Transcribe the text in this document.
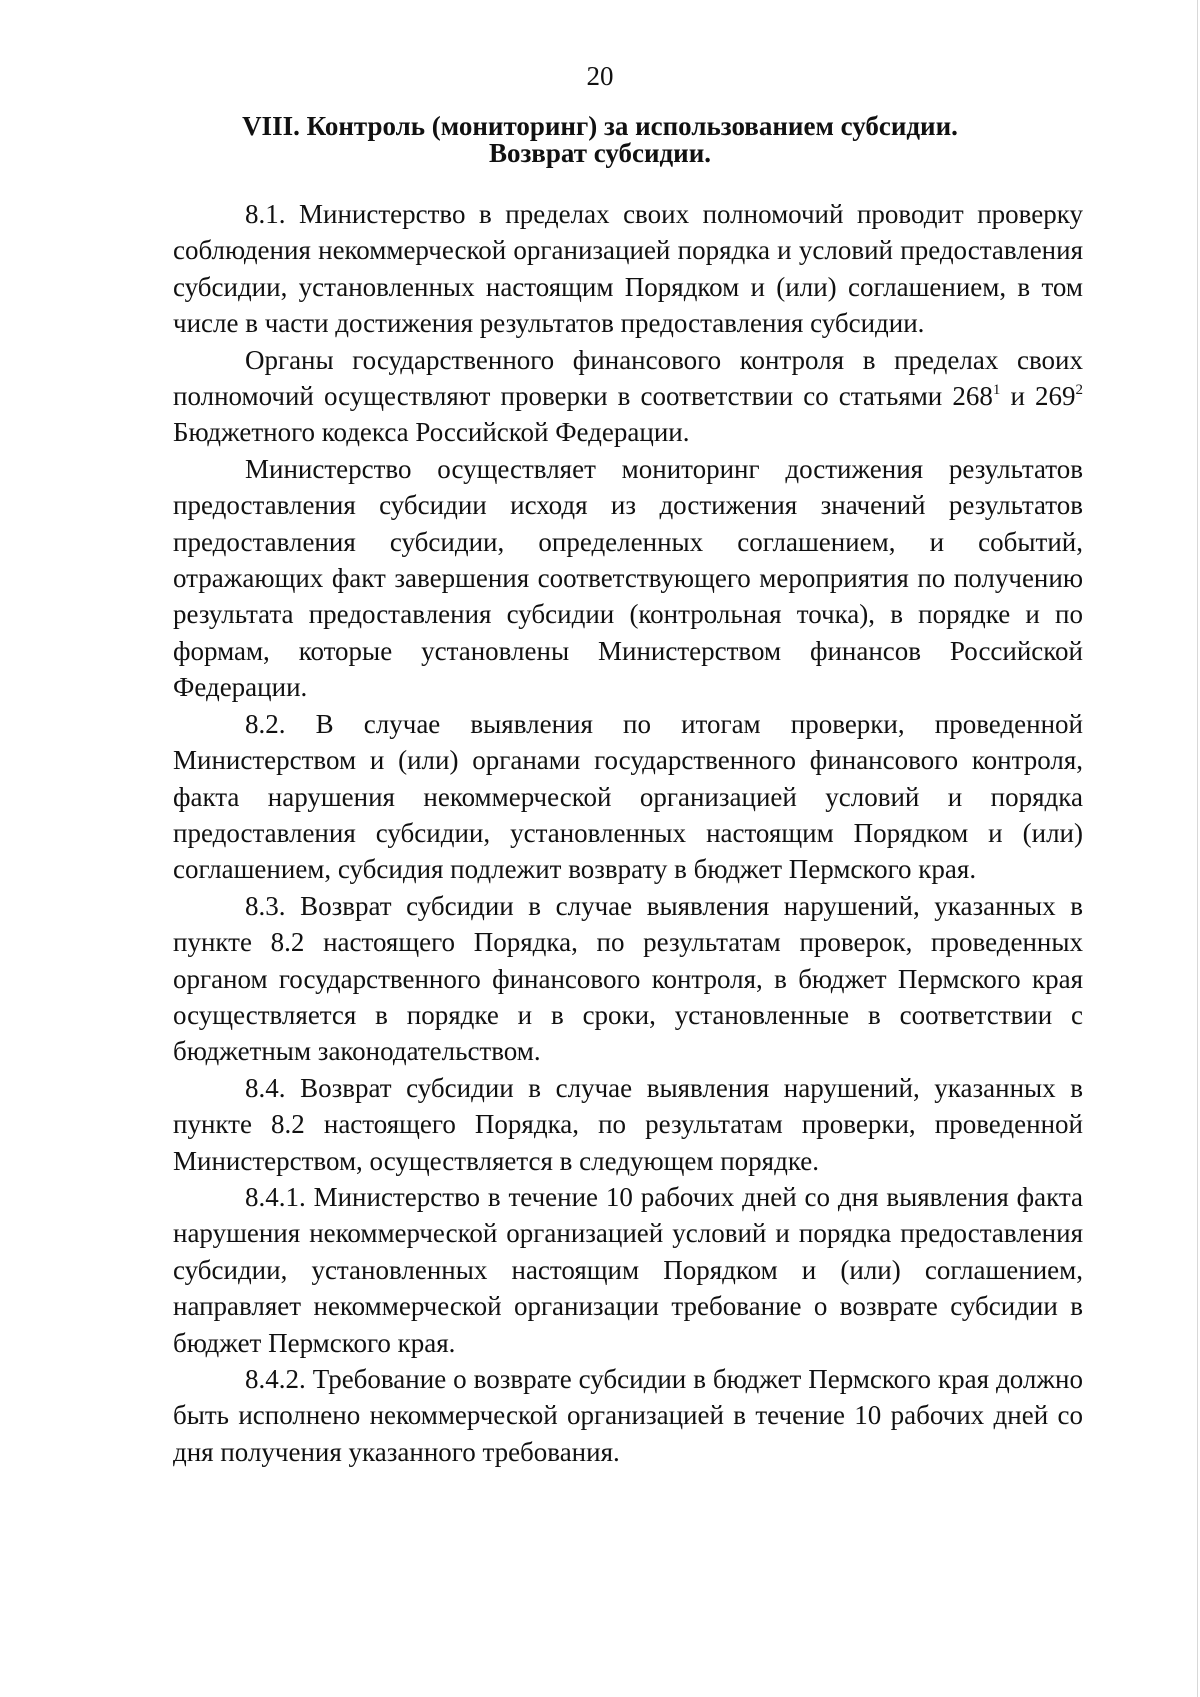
20
VIII. Контроль (мониторинг) за использованием субсидии.
Возврат субсидии.

8.1. Министерство в пределах своих полномочий проводит проверку соблюдения некоммерческой организацией порядка и условий предоставления субсидии, установленных настоящим Порядком и (или) соглашением, в том числе в части достижения результатов предоставления субсидии.

Органы государственного финансового контроля в пределах своих полномочий осуществляют проверки в соответствии со статьями $268^1$ и $269^2$ Бюджетного кодекса Российской Федерации.

Министерство осуществляет мониторинг достижения результатов предоставления субсидии исходя из достижения значений результатов предоставления субсидии, определенных соглашением, и событий, отражающих факт завершения соответствующего мероприятия по получению результата предоставления субсидии (контрольная точка), в порядке и по формам, которые установлены Министерством финансов Российской Федерации.

8.2. В случае выявления по итогам проверки, проведенной Министерством и (или) органами государственного финансового контроля, факта нарушения некоммерческой организацией условий и порядка предоставления субсидии, установленных настоящим Порядком и (или) соглашением, субсидия подлежит возврату в бюджет Пермского края.

8.3. Возврат субсидии в случае выявления нарушений, указанных в пункте 8.2 настоящего Порядка, по результатам проверок, проведенных органом государственного финансового контроля, в бюджет Пермского края осуществляется в порядке и в сроки, установленные в соответствии с бюджетным законодательством.

8.4. Возврат субсидии в случае выявления нарушений, указанных в пункте 8.2 настоящего Порядка, по результатам проверки, проведенной Министерством, осуществляется в следующем порядке.

8.4.1. Министерство в течение 10 рабочих дней со дня выявления факта нарушения некоммерческой организацией условий и порядка предоставления субсидии, установленных настоящим Порядком и (или) соглашением, направляет некоммерческой организации требование о возврате субсидии в бюджет Пермского края.

8.4.2. Требование о возврате субсидии в бюджет Пермского края должно быть исполнено некоммерческой организацией в течение 10 рабочих дней со дня получения указанного требования.
